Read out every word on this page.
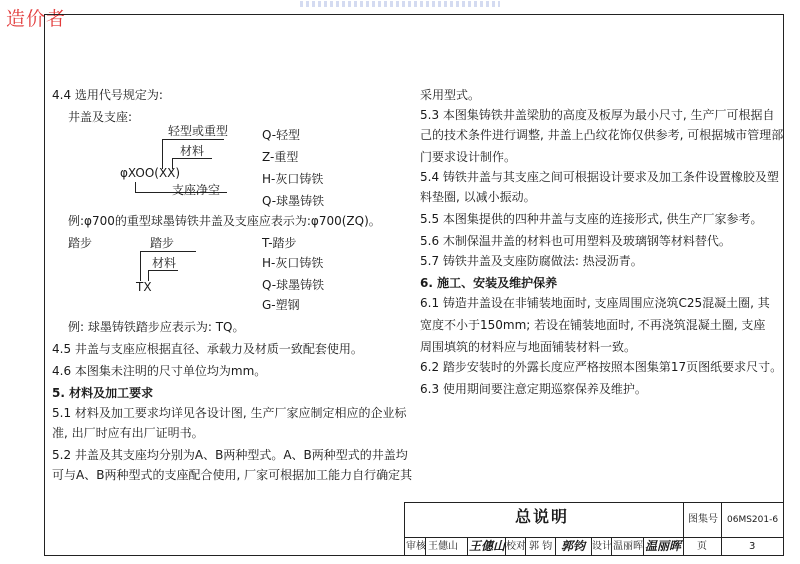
造价者
4.4 选用代号规定为:
井盖及支座:
轻型或重型
材料
φXOO(XX)
支座净空
Q-轻型
Z-重型
H-灰口铸铁
Q-球墨铸铁
例:φ700的重型球墨铸铁井盖及支座应表示为:φ700(ZQ)。
踏步	踏步
材料
TX
T-踏步
H-灰口铸铁
Q-球墨铸铁
G-塑钢
例: 球墨铸铁踏步应表示为: TQ。
4.5 井盖与支座应根据直径、承载力及材质一致配套使用。
4.6 本图集未注明的尺寸单位均为mm。
5. 材料及加工要求
5.1 材料及加工要求均详见各设计图, 生产厂家应制定相应的企业标
准, 出厂时应有出厂证明书。
5.2 井盖及其支座均分别为A、B两种型式。A、B两种型式的井盖均
可与A、B两种型式的支座配合使用, 厂家可根据加工能力自行确定其
采用型式。
5.3 本图集铸铁井盖梁肋的高度及板厚为最小尺寸, 生产厂可根据自
己的技术条件进行调整, 井盖上凸纹花饰仅供参考, 可根据城市管理部
门要求设计制作。
5.4 铸铁井盖与其支座之间可根据设计要求及加工条件设置橡胶及塑
料垫圈, 以减小振动。
5.5 本图集提供的四种井盖与支座的连接形式, 供生产厂家参考。
5.6 木制保温井盖的材料也可用塑料及玻璃钢等材料替代。
5.7 铸铁井盖及支座防腐做法: 热浸沥青。
6. 施工、安装及维护保养
6.1 铸造井盖设在非铺装地面时, 支座周围应浇筑C25混凝土圈, 其
宽度不小于150mm; 若设在铺装地面时, 不再浇筑混凝土圈, 支座
周围填筑的材料应与地面铺装材料一致。
6.2 踏步安装时的外露长度应严格按照本图集第17页图纸要求尺寸。
6.3 使用期间要注意定期巡察保养及维护。
总说明	图集号 06MS201-6
审核 王僡山 王僡山 校对 郭 钧 郭钧 设计 温丽晖 温丽晖 页	3
